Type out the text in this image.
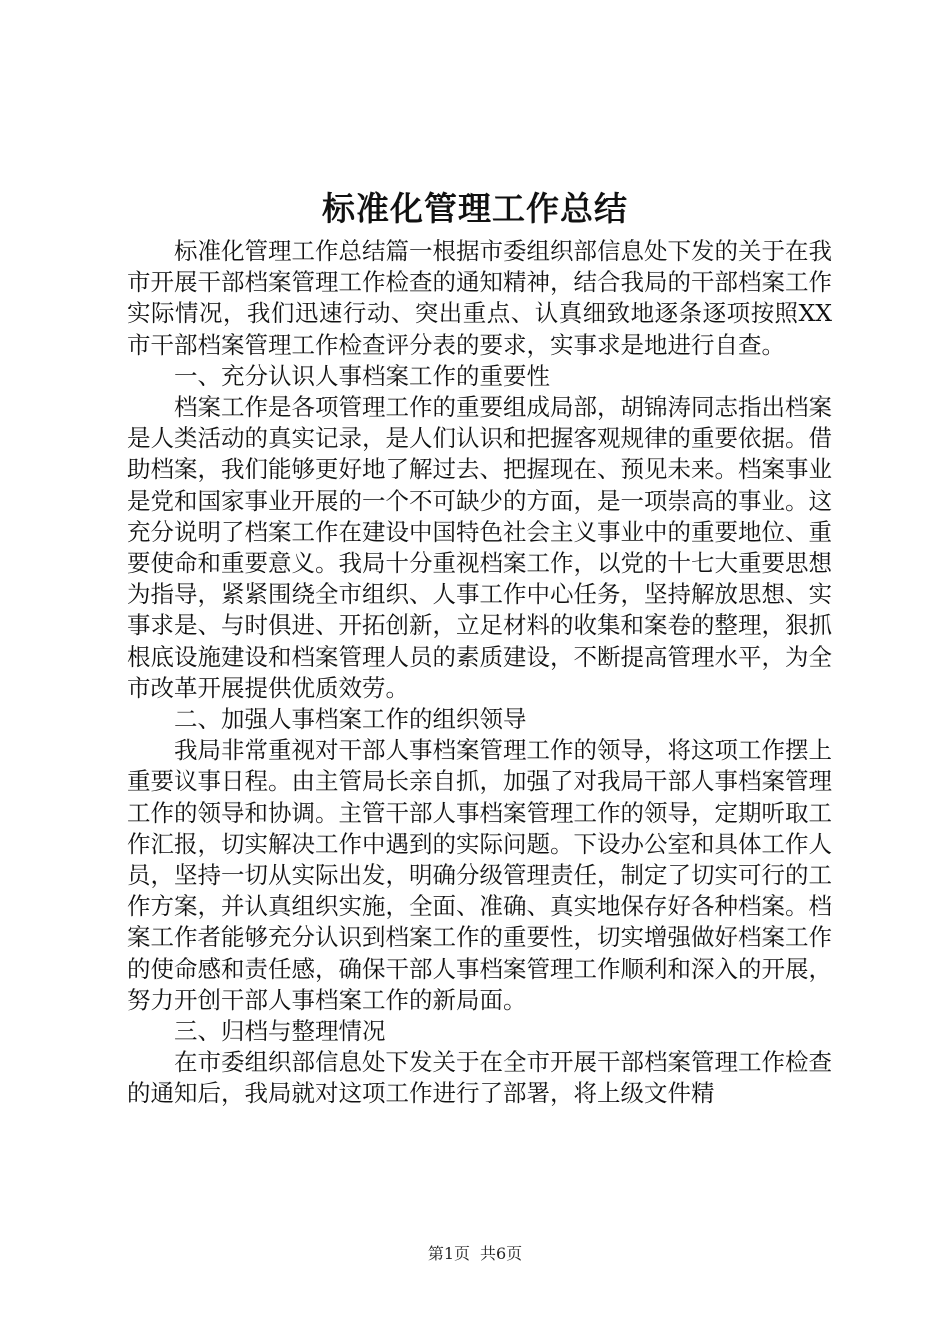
标准化管理工作总结

标准化管理工作总结篇一根据市委组织部信息处下发的关于在我市开展干部档案管理工作检查的通知精神，结合我局的干部档案工作实际情况，我们迅速行动、突出重点、认真细致地逐条逐项按照XX市干部档案管理工作检查评分表的要求，实事求是地进行自查。

一、充分认识人事档案工作的重要性

档案工作是各项管理工作的重要组成局部，胡锦涛同志指出档案是人类活动的真实记录，是人们认识和把握客观规律的重要依据。借助档案，我们能够更好地了解过去、把握现在、预见未来。档案事业是党和国家事业开展的一个不可缺少的方面，是一项崇高的事业。这充分说明了档案工作在建设中国特色社会主义事业中的重要地位、重要使命和重要意义。我局十分重视档案工作，以党的十七大重要思想为指导，紧紧围绕全市组织、人事工作中心任务，坚持解放思想、实事求是、与时俱进、开拓创新，立足材料的收集和案卷的整理，狠抓根底设施建设和档案管理人员的素质建设，不断提高管理水平，为全市改革开展提供优质效劳。

二、加强人事档案工作的组织领导

我局非常重视对干部人事档案管理工作的领导，将这项工作摆上重要议事日程。由主管局长亲自抓，加强了对我局干部人事档案管理工作的领导和协调。主管干部人事档案管理工作的领导，定期听取工作汇报，切实解决工作中遇到的实际问题。下设办公室和具体工作人员，坚持一切从实际出发，明确分级管理责任，制定了切实可行的工作方案，并认真组织实施，全面、准确、真实地保存好各种档案。档案工作者能够充分认识到档案工作的重要性，切实增强做好档案工作的使命感和责任感，确保干部人事档案管理工作顺利和深入的开展，努力开创干部人事档案工作的新局面。

三、归档与整理情况

在市委组织部信息处下发关于在全市开展干部档案管理工作检查的通知后，我局就对这项工作进行了部署，将上级文件精

第1页 共6页
